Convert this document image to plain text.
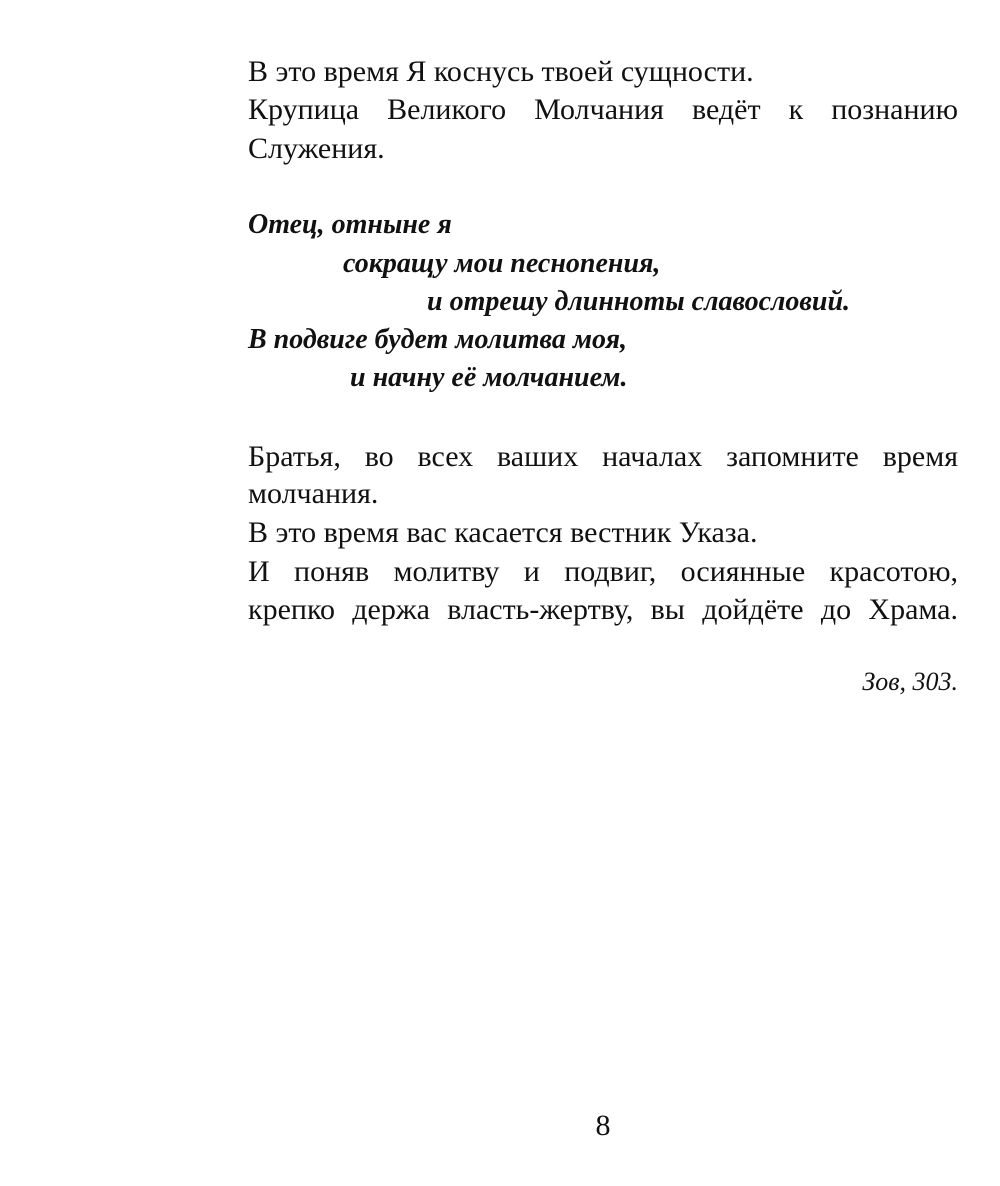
В это время Я коснусь твоей сущности.
Крупица Великого Молчания ведёт к познанию
Служения.
Отец, отныне я
сокращу мои песнопения,
и отрешу длинноты славословий.
В подвиге будет молитва моя,
и начну её молчанием.
Братья, во всех ваших началах запомните время
молчания.
В это время вас касается вестник Указа.
И поняв молитву и подвиг, осиянные красотою,
крепко держа власть-жертву, вы дойдёте до Храма.
Зов, 303.
8
